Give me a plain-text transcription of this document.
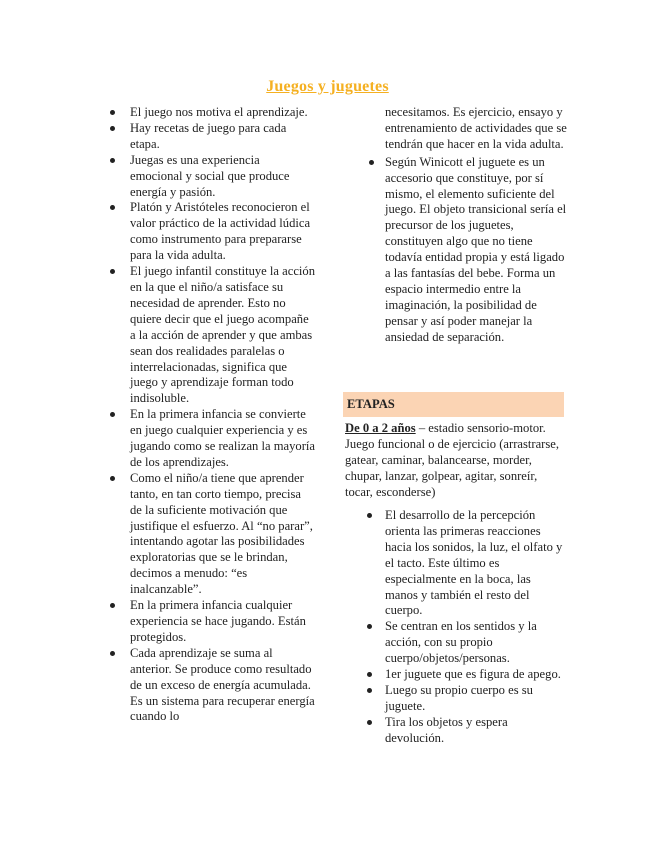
Juegos y juguetes
El juego nos motiva el aprendizaje.
Hay recetas de juego para cada etapa.
Juegas es una experiencia emocional y social que produce energía y pasión.
Platón y Aristóteles reconocieron el valor práctico de la actividad lúdica como instrumento para prepararse para la vida adulta.
El juego infantil constituye la acción en la que el niño/a satisface su necesidad de aprender. Esto no quiere decir que el juego acompañe a la acción de aprender y que ambas sean dos realidades paralelas o interrelacionadas, significa que juego y aprendizaje forman todo indisoluble.
En la primera infancia se convierte en juego cualquier experiencia y es jugando como se realizan la mayoría de los aprendizajes.
Como el niño/a tiene que aprender tanto, en tan corto tiempo, precisa de la suficiente motivación que justifique el esfuerzo. Al “no parar”, intentando agotar las posibilidades exploratorias que se le brindan, decimos a menudo: “es inalcanzable”.
En la primera infancia cualquier experiencia se hace jugando. Están protegidos.
Cada aprendizaje se suma al anterior. Se produce como resultado de un exceso de energía acumulada. Es un sistema para recuperar energía cuando lo
necesitamos. Es ejercicio, ensayo y entrenamiento de actividades que se tendrán que hacer en la vida adulta.
Según Winicott el juguete es un accesorio que constituye, por sí mismo, el elemento suficiente del juego. El objeto transicional sería el precursor de los juguetes, constituyen algo que no tiene todavía entidad propia y está ligado a las fantasías del bebe. Forma un espacio intermedio entre la imaginación, la posibilidad de pensar y así poder manejar la ansiedad de separación.
ETAPAS
De 0 a 2 años – estadio sensorio-motor. Juego funcional o de ejercicio (arrastrarse, gatear, caminar, balancearse, morder, chupar, lanzar, golpear, agitar, sonreír, tocar, esconderse)
El desarrollo de la percepción orienta las primeras reacciones hacia los sonidos, la luz, el olfato y el tacto. Este último es especialmente en la boca, las manos y también el resto del cuerpo.
Se centran en los sentidos y la acción, con su propio cuerpo/objetos/personas.
1er juguete que es figura de apego.
Luego su propio cuerpo es su juguete.
Tira los objetos y espera devolución.
